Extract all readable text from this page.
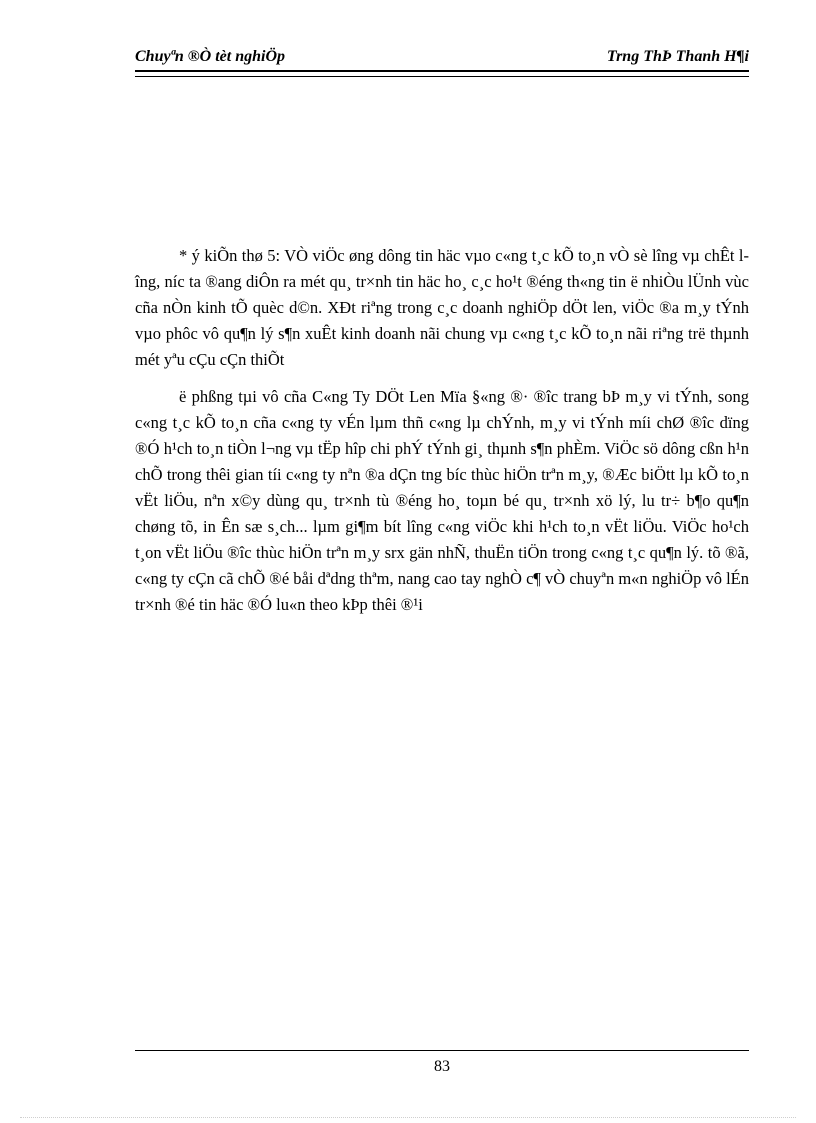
Chuyªn ®Ò tèt nghiÖp	Trng ThÞ Thanh H¶i

* ý kiÕn thø 5: VÒ viÖc øng dông tin häc vµo c«ng t¸c kÕ to¸n vÒ sè lîng vµ chÊt lîng, níc ta ®ang diÔn ra mét qu¸ tr×nh tin häc ho¸ c¸c ho¹t ®éng th«ng tin ë nhiÒu lÜnh vùc cña nÒn kinh tÕ quèc d©n. XÐt riªng trong c¸c doanh nghiÖp dÖt len, viÖc ®a m¸y tÝnh vµo phôc vô qu¶n lý s¶n xuÊt kinh doanh nãi chung vµ c«ng t¸c kÕ to¸n nãi riªng trë thµnh mét yªu cÇu cÇn thiÕt

ë phßng tµi vô cña C«ng Ty DÖt Len Mïa §«ng ®· ®îc trang bÞ m¸y vi tÝnh, song c«ng t¸c kÕ to¸n cña c«ng ty vÉn lµm thñ c«ng lµ chÝnh, m¸y vi tÝnh míi chØ ®îc dïng ®Ó h¹ch to¸n tiÒn l¬ng vµ tËp hîp chi phÝ tÝnh gi¸ thµnh s¶n phÈm. ViÖc sö dông cßn h¹n chÕ trong thêi gian tíi c«ng ty nªn ®a dÇn tng bíc thùc hiÖn trªn m¸y, ®Æc biÖtt lµ kÕ to¸n vËt liÖu, nªn x©y dùng qu¸ tr×nh tù ®éng ho¸ toµn bé qu¸ tr×nh xö lý, lu tr÷ b¶o qu¶n chøng tõ, in Ên sæ s¸ch... lµm gi¶m bít lîng c«ng viÖc khi h¹ch to¸n vËt liÖu. ViÖc ho¹ch t¸on vËt liÖu ®îc thùc hiÖn trªn m¸y srx gän nhÑ, thuËn tiÖn trong c«ng t¸c qu¶n lý. tõ ®ã, c«ng ty cÇn cã chÕ ®é båi dªdng thªm, nang cao tay nghÒ c¶ vÒ chuyªn m«n nghiÖp vô lÉn tr×nh ®é tin häc ®Ó lu«n theo kÞp thêi ®¹i

83
